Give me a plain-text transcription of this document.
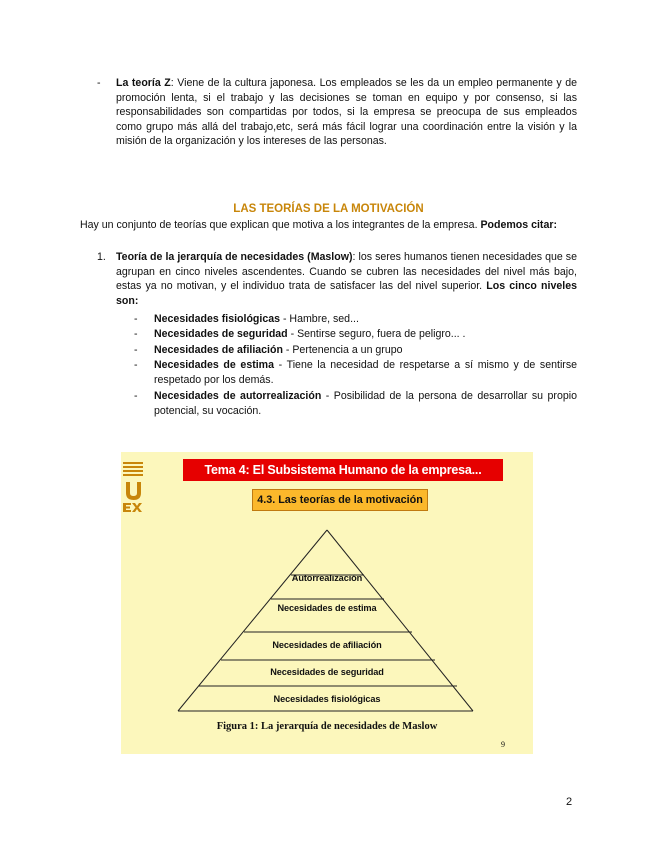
- La teoría Z: Viene de la cultura japonesa. Los empleados se les da un empleo permanente y de promoción lenta, si el trabajo y las decisiones se toman en equipo y por consenso, si las responsabilidades son compartidas por todos, si la empresa se preocupa de sus empleados como grupo más allá del trabajo,etc, será más fácil lograr una coordinación entre la visión y la misión de la organización y los intereses de las personas.
LAS TEORÍAS DE LA MOTIVACIÓN
Hay un conjunto de teorías que explican que motiva a los integrantes de la empresa. Podemos citar:
1. Teoría de la jerarquía de necesidades (Maslow): los seres humanos tienen necesidades que se agrupan en cinco niveles ascendentes. Cuando se cubren las necesidades del nivel más bajo, estas ya no motivan, y el individuo trata de satisfacer las del nivel superior. Los cinco niveles son:
- Necesidades fisiológicas - Hambre, sed...
- Necesidades de seguridad - Sentirse seguro, fuera de peligro... .
- Necesidades de afiliación - Pertenencia a un grupo
- Necesidades de estima - Tiene la necesidad de respetarse a sí mismo y de sentirse respetado por los demás.
- Necesidades de autorrealización - Posibilidad de la persona de desarrollar su propio potencial, su vocación.
Tema 4: El Subsistema Humano de la empresa...
4.3. Las teorías de la motivación
Autorrealización
Necesidades de estima
Necesidades de afiliación
Necesidades de seguridad
Necesidades fisiológicas
Figura 1: La jerarquía de necesidades de Maslow
9
2
